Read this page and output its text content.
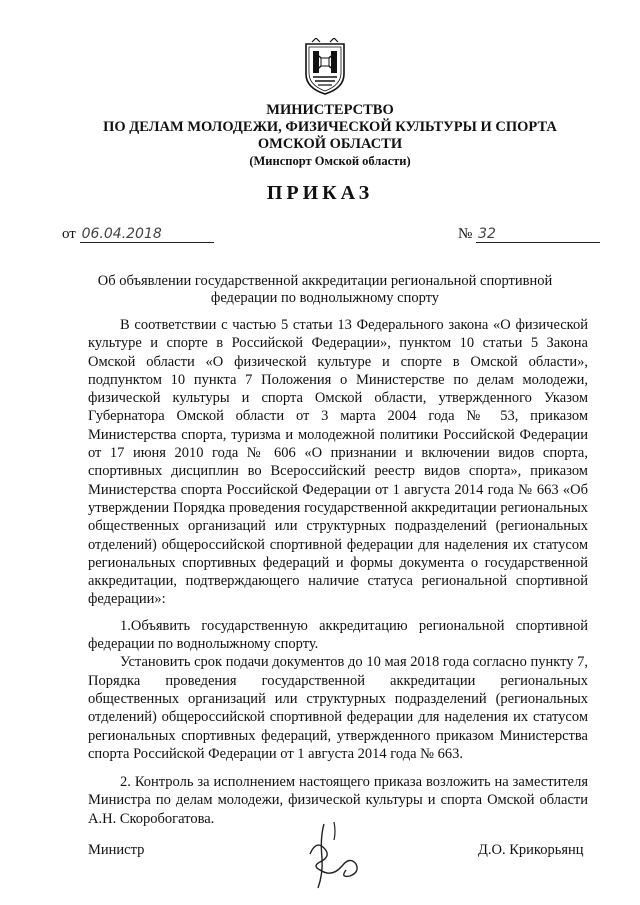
МИНИСТЕРСТВО
ПО ДЕЛАМ МОЛОДЕЖИ, ФИЗИЧЕСКОЙ КУЛЬТУРЫ И СПОРТА
ОМСКОЙ ОБЛАСТИ
(Минспорт Омской области)
ПРИКАЗ
от 06.04.2018	№ 32
Об объявлении государственной аккредитации региональной спортивной федерации по воднолыжному спорту

В соответствии с частью 5 статьи 13 Федерального закона «О физической культуре и спорте в Российской Федерации», пунктом 10 статьи 5 Закона Омской области «О физической культуре и спорте в Омской области», подпунктом 10 пункта 7 Положения о Министерстве по делам молодежи, физической культуры и спорта Омской области, утвержденного Указом Губернатора Омской области от 3 марта 2004 года № 53, приказом Министерства спорта, туризма и молодежной политики Российской Федерации от 17 июня 2010 года № 606 «О признании и включении видов спорта, спортивных дисциплин во Всероссийский реестр видов спорта», приказом Министерства спорта Российской Федерации от 1 августа 2014 года № 663 «Об утверждении Порядка проведения государственной аккредитации региональных общественных организаций или структурных подразделений (региональных отделений) общероссийской спортивной федерации для наделения их статусом региональных спортивных федераций и формы документа о государственной аккредитации, подтверждающего наличие статуса региональной спортивной федерации»:

1.Объявить государственную аккредитацию региональной спортивной федерации по воднолыжному спорту.

Установить срок подачи документов до 10 мая 2018 года согласно пункту 7, Порядка проведения государственной аккредитации региональных общественных организаций или структурных подразделений (региональных отделений) общероссийской спортивной федерации для наделения их статусом региональных спортивных федераций, утвержденного приказом Министерства спорта Российской Федерации от 1 августа 2014 года № 663.

2. Контроль за исполнением настоящего приказа возложить на заместителя Министра по делам молодежи, физической культуры и спорта Омской области А.Н. Скоробогатова.

Министр	Д.О. Крикорьянц
